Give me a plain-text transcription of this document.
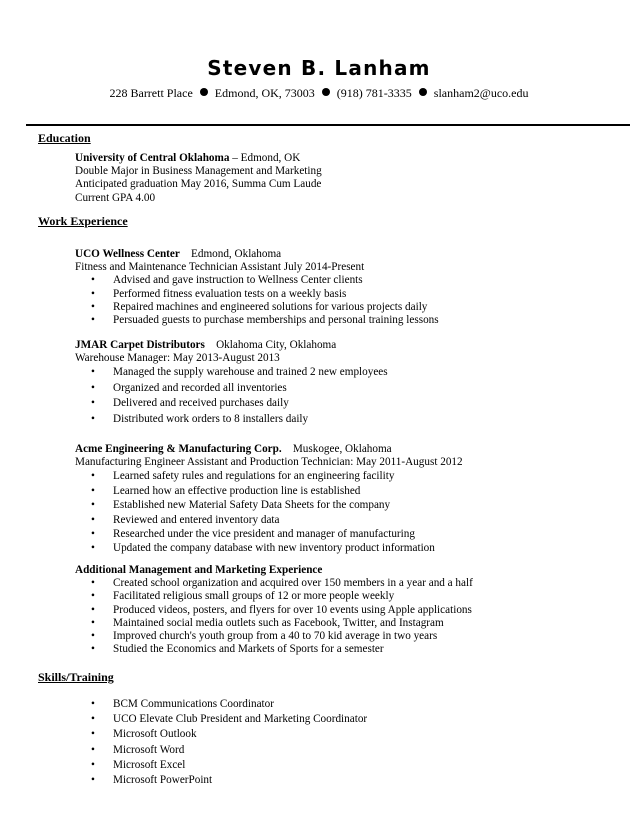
Steven B. Lanham
228 Barrett Place Edmond, OK, 73003 (918) 781-3335 slanham2@uco.edu
Education
University of Central Oklahoma – Edmond, OK
Double Major in Business Management and Marketing
Anticipated graduation May 2016, Summa Cum Laude
Current GPA 4.00
Work Experience
UCO Wellness Center Edmond, Oklahoma
Fitness and Maintenance Technician Assistant July 2014-Present
• Advised and gave instruction to Wellness Center clients
• Performed fitness evaluation tests on a weekly basis
• Repaired machines and engineered solutions for various projects daily
• Persuaded guests to purchase memberships and personal training lessons
JMAR Carpet Distributors Oklahoma City, Oklahoma
Warehouse Manager: May 2013-August 2013
• Managed the supply warehouse and trained 2 new employees
• Organized and recorded all inventories
• Delivered and received purchases daily
• Distributed work orders to 8 installers daily
Acme Engineering & Manufacturing Corp. Muskogee, Oklahoma
Manufacturing Engineer Assistant and Production Technician: May 2011-August 2012
• Learned safety rules and regulations for an engineering facility
• Learned how an effective production line is established
• Established new Material Safety Data Sheets for the company
• Reviewed and entered inventory data
• Researched under the vice president and manager of manufacturing
• Updated the company database with new inventory product information
Additional Management and Marketing Experience
• Created school organization and acquired over 150 members in a year and a half
• Facilitated religious small groups of 12 or more people weekly
• Produced videos, posters, and flyers for over 10 events using Apple applications
• Maintained social media outlets such as Facebook, Twitter, and Instagram
• Improved church's youth group from a 40 to 70 kid average in two years
• Studied the Economics and Markets of Sports for a semester
Skills/Training
• BCM Communications Coordinator
• UCO Elevate Club President and Marketing Coordinator
• Microsoft Outlook
• Microsoft Word
• Microsoft Excel
• Microsoft PowerPoint
